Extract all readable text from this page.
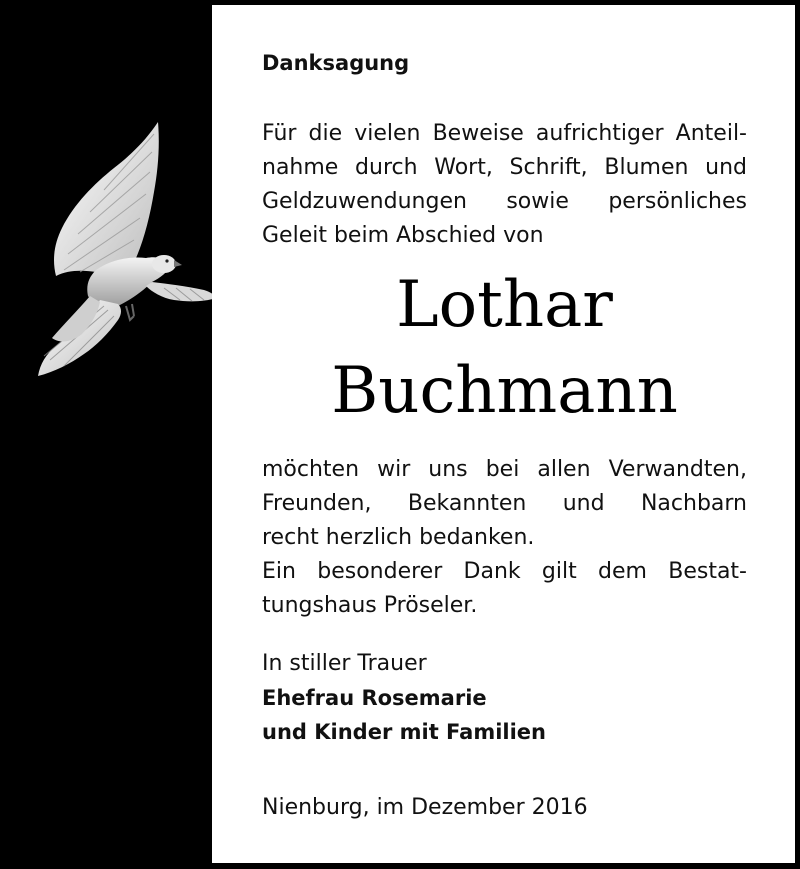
Danksagung
Für die vielen Beweise aufrichtiger Anteil-
nahme durch Wort, Schrift, Blumen und
Geldzuwendungen sowie persönliches
Geleit beim Abschied von
Lothar
Buchmann
möchten wir uns bei allen Verwandten,
Freunden, Bekannten und Nachbarn
recht herzlich bedanken.
Ein besonderer Dank gilt dem Bestat-
tungshaus Pröseler.
In stiller Trauer
Ehefrau Rosemarie
und Kinder mit Familien
Nienburg, im Dezember 2016
